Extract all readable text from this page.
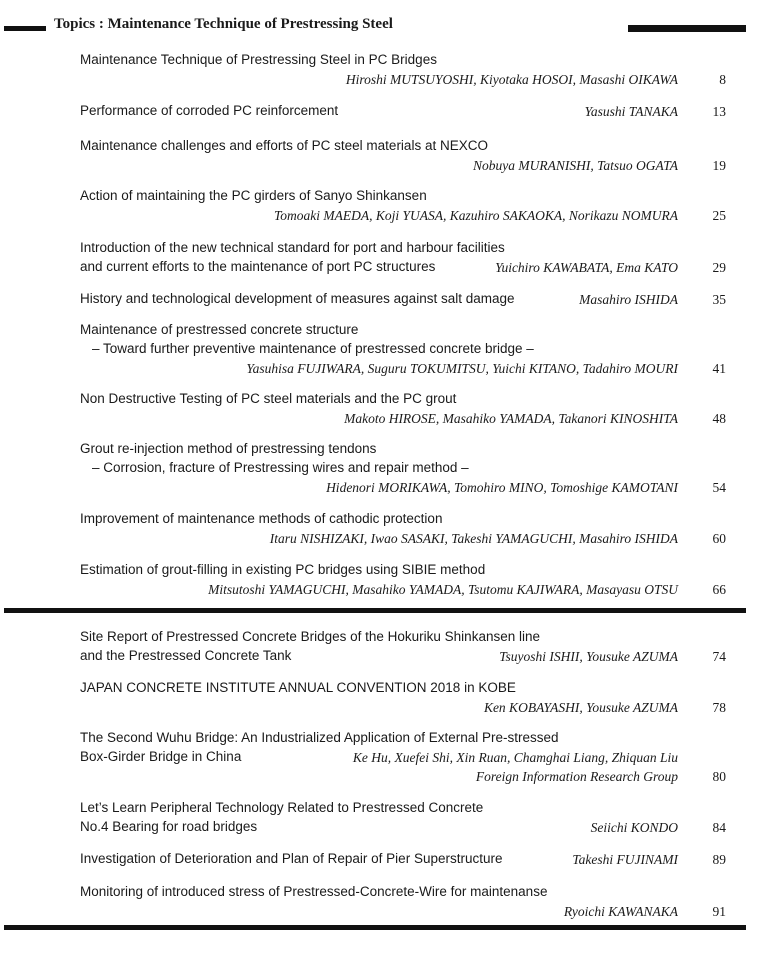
Topics : Maintenance Technique of Prestressing Steel
Maintenance Technique of Prestressing Steel in PC Bridges
Hiroshi MUTSUYOSHI, Kiyotaka HOSOI, Masashi OIKAWA	8
Performance of corroded PC reinforcement	Yasushi TANAKA	13
Maintenance challenges and efforts of PC steel materials at NEXCO
Nobuya MURANISHI, Tatsuo OGATA	19
Action of maintaining the PC girders of Sanyo Shinkansen
Tomoaki MAEDA, Koji YUASA, Kazuhiro SAKAOKA, Norikazu NOMURA	25
Introduction of the new technical standard for port and harbour facilities
and current efforts to the maintenance of port PC structures	Yuichiro KAWABATA, Ema KATO	29
History and technological development of measures against salt damage	Masahiro ISHIDA	35
Maintenance of prestressed concrete structure
– Toward further preventive maintenance of prestressed concrete bridge –
Yasuhisa FUJIWARA, Suguru TOKUMITSU, Yuichi KITANO, Tadahiro MOURI	41
Non Destructive Testing of PC steel materials and the PC grout
Makoto HIROSE, Masahiko YAMADA, Takanori KINOSHITA	48
Grout re-injection method of prestressing tendons
– Corrosion, fracture of Prestressing wires and repair method –
Hidenori MORIKAWA, Tomohiro MINO, Tomoshige KAMOTANI	54
Improvement of maintenance methods of cathodic protection
Itaru NISHIZAKI, Iwao SASAKI, Takeshi YAMAGUCHI, Masahiro ISHIDA	60
Estimation of grout-filling in existing PC bridges using SIBIE method
Mitsutoshi YAMAGUCHI, Masahiko YAMADA, Tsutomu KAJIWARA, Masayasu OTSU	66
Site Report of Prestressed Concrete Bridges of the Hokuriku Shinkansen line
and the Prestressed Concrete Tank	Tsuyoshi ISHII, Yousuke AZUMA	74
JAPAN CONCRETE INSTITUTE ANNUAL CONVENTION 2018 in KOBE
Ken KOBAYASHI, Yousuke AZUMA	78
The Second Wuhu Bridge: An Industrialized Application of External Pre-stressed
Box-Girder Bridge in China	Ke Hu, Xuefei Shi, Xin Ruan, Chamghai Liang, Zhiquan Liu
Foreign Information Research Group	80
Let’s Learn Peripheral Technology Related to Prestressed Concrete
No.4 Bearing for road bridges	Seiichi KONDO	84
Investigation of Deterioration and Plan of Repair of Pier Superstructure	Takeshi FUJINAMI	89
Monitoring of introduced stress of Prestressed-Concrete-Wire for maintenanse
Ryoichi KAWANAKA	91
